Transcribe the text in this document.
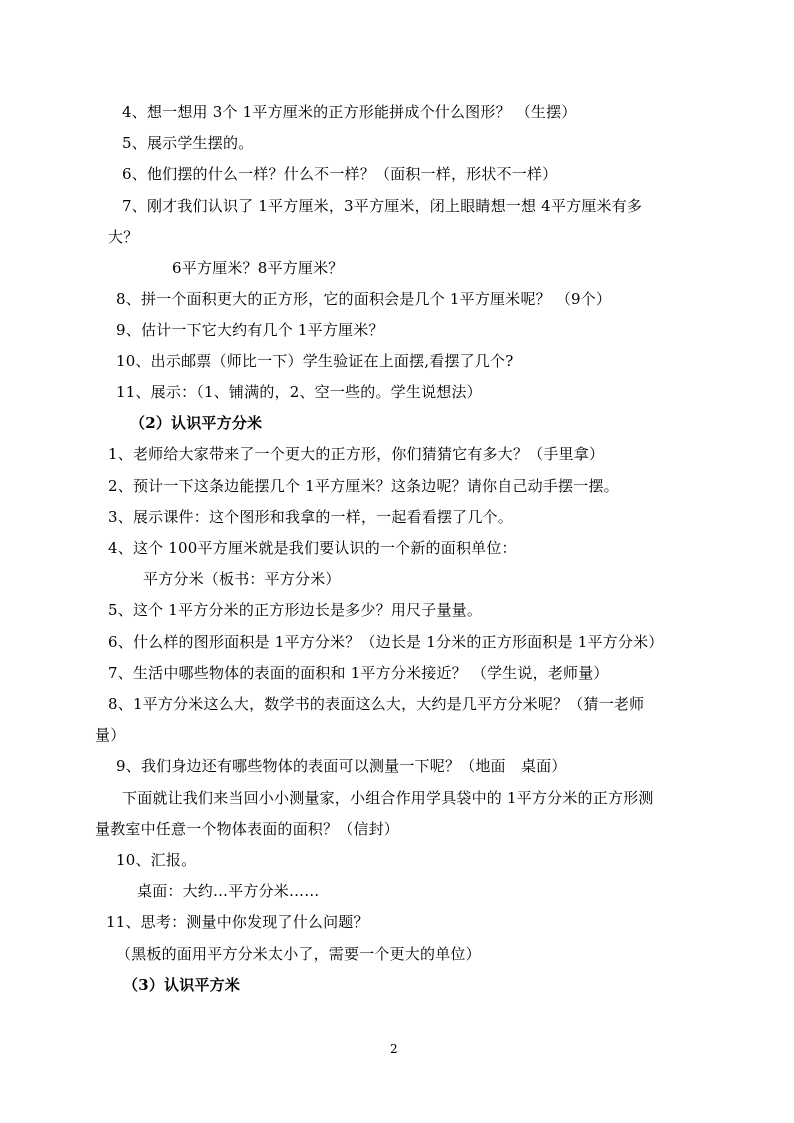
4、想一想用 3个 1平方厘米的正方形能拼成个什么图形？ （生摆）
5、展示学生摆的。
6、他们摆的什么一样？什么不一样？（面积一样，形状不一样）
7、刚才我们认识了 1平方厘米，3平方厘米，闭上眼睛想一想 4平方厘米有多
大？
6平方厘米？8平方厘米？
8、拼一个面积更大的正方形，它的面积会是几个 1平方厘米呢？ （9个）
9、估计一下它大约有几个 1平方厘米？
10、出示邮票（师比一下）学生验证在上面摆,看摆了几个?
11、展示：（1、铺满的，2、空一些的。学生说想法）
（2）认识平方分米
1、老师给大家带来了一个更大的正方形，你们猜猜它有多大？（手里拿）
2、预计一下这条边能摆几个 1平方厘米？这条边呢？请你自己动手摆一摆。
3、展示课件：这个图形和我拿的一样，一起看看摆了几个。
4、这个 100平方厘米就是我们要认识的一个新的面积单位：
平方分米（板书：平方分米）
5、这个 1平方分米的正方形边长是多少？用尺子量量。
6、什么样的图形面积是 1平方分米？（边长是 1分米的正方形面积是 1平方分米）
7、生活中哪些物体的表面的面积和 1平方分米接近？ （学生说，老师量）
8、1平方分米这么大，数学书的表面这么大，大约是几平方分米呢？（猜一老师
量）
9、我们身边还有哪些物体的表面可以测量一下呢？（地面　桌面）
下面就让我们来当回小小测量家，小组合作用学具袋中的 1平方分米的正方形测
量教室中任意一个物体表面的面积？（信封）
10、汇报。
桌面：大约…平方分米……
11、思考：测量中你发现了什么问题？
（黑板的面用平方分米太小了，需要一个更大的单位）
（3）认识平方米
2
